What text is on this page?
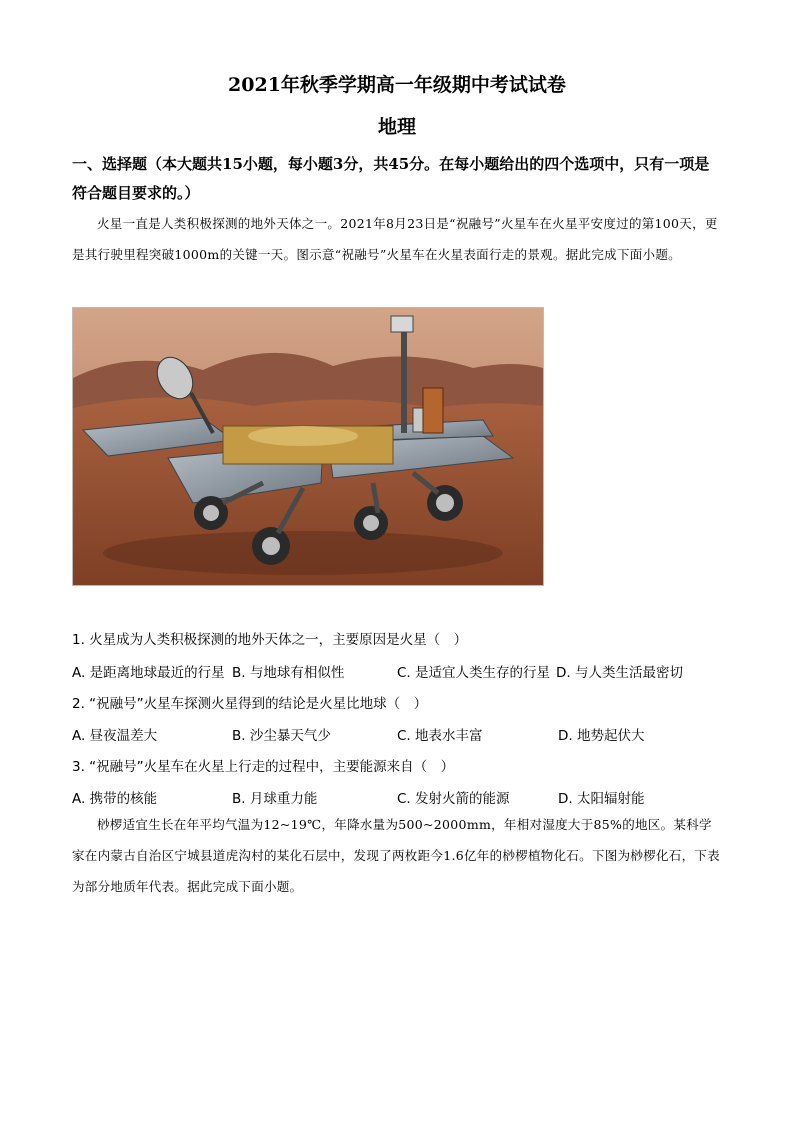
2021年秋季学期高一年级期中考试试卷
地理
一、选择题（本大题共15小题，每小题3分，共45分。在每小题给出的四个选项中，只有一项是符合题目要求的。）
火星一直是人类积极探测的地外天体之一。2021年8月23日是“祝融号”火星车在火星平安度过的第100天，更是其行驶里程突破1000m的关键一天。图示意“祝融号”火星车在火星表面行走的景观。据此完成下面小题。
1. 火星成为人类积极探测的地外天体之一，主要原因是火星（　）
A. 是距离地球最近的行星 B. 与地球有相似性	C. 是适宜人类生存的行星 D. 与人类生活最密切
2. “祝融号”火星车探测火星得到的结论是火星比地球（　）
A. 昼夜温差大	B. 沙尘暴天气少	C. 地表水丰富	D. 地势起伏大
3. “祝融号”火星车在火星上行走的过程中，主要能源来自（　）
A. 携带的核能	B. 月球重力能	C. 发射火箭的能源	D. 太阳辐射能
桫椤适宜生长在年平均气温为12~19℃，年降水量为500~2000mm，年相对湿度大于85%的地区。某科学家在内蒙古自治区宁城县道虎沟村的某化石层中，发现了两枚距今1.6亿年的桫椤植物化石。下图为桫椤化石，下表为部分地质年代表。据此完成下面小题。
